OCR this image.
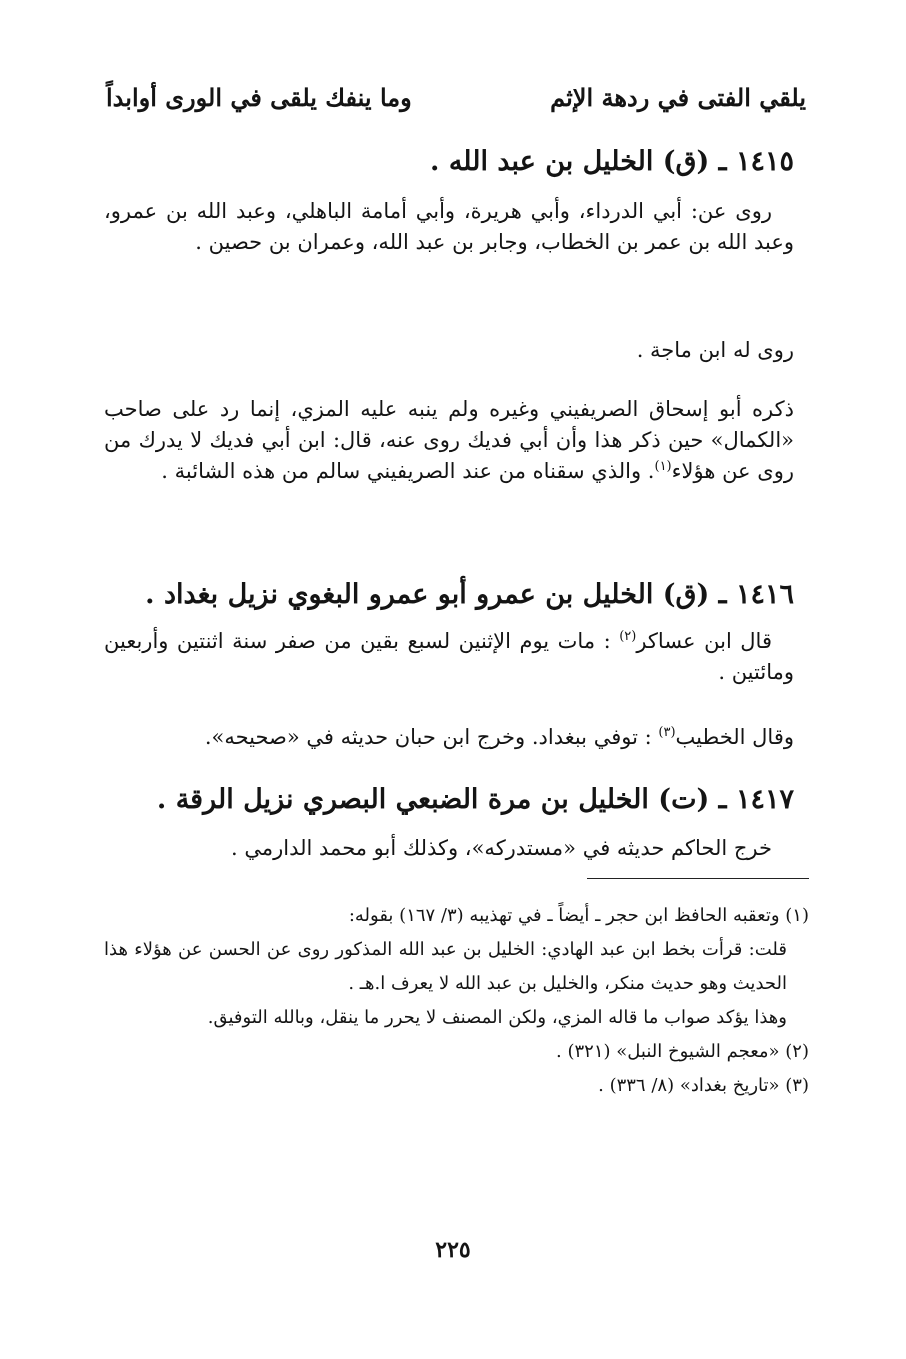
يلقي الفتى في ردهة الإثم
وما ينفك يلقى في الورى أوابداً
١٤١٥ ـ (ق) الخليل بن عبد الله .

روى عن: أبي الدرداء، وأبي هريرة، وأبي أمامة الباهلي، وعبد الله بن عمرو، وعبد الله بن عمر بن الخطاب، وجابر بن عبد الله، وعمران بن حصين .

روى له ابن ماجة .

ذكره أبو إسحاق الصريفيني وغيره ولم ينبه عليه المزي، إنما رد على صاحب «الكمال» حين ذكر هذا وأن أبي فديك روى عنه، قال: ابن أبي فديك لا يدرك من روى عن هؤلاء$^{(١)}$. والذي سقناه من عند الصريفيني سالم من هذه الشائبة .

١٤١٦ ـ (ق) الخليل بن عمرو أبو عمرو البغوي نزيل بغداد .

قال ابن عساكر$^{(٢)}$ : مات يوم الإثنين لسبع بقين من صفر سنة اثنتين وأربعين ومائتين .

وقال الخطيب$^{(٣)}$ : توفي ببغداد. وخرج ابن حبان حديثه في «صحيحه».

١٤١٧ ـ (ت) الخليل بن مرة الضبعي البصري نزيل الرقة .

خرج الحاكم حديثه في «مستدركه»، وكذلك أبو محمد الدارمي .

(١) وتعقبه الحافظ ابن حجر ـ أيضاً ـ في تهذيبه (٣/ ١٦٧) بقوله:

قلت: قرأت بخط ابن عبد الهادي: الخليل بن عبد الله المذكور روى عن الحسن عن هؤلاء هذا الحديث وهو حديث منكر، والخليل بن عبد الله لا يعرف ا.هـ .

وهذا يؤكد صواب ما قاله المزي، ولكن المصنف لا يحرر ما ينقل، وبالله التوفيق.

(٢) «معجم الشيوخ النبل» (٣٢١) .

(٣) «تاريخ بغداد» (٨/ ٣٣٦) .

٢٢٥
